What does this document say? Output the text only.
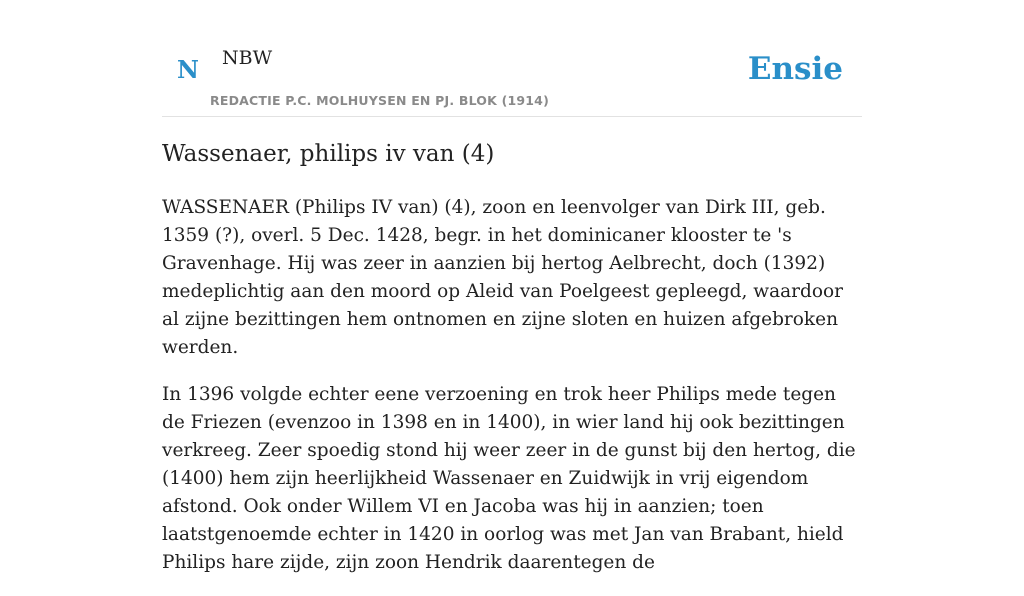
N NBW
REDACTIE P.C. MOLHUYSEN EN PJ. BLOK (1914)
Ensie
Wassenaer, philips iv van (4)

WASSENAER (Philips IV van) (4), zoon en leenvolger van Dirk III, geb. 1359 (?), overl. 5 Dec. 1428, begr. in het dominicaner klooster te 's Gravenhage. Hij was zeer in aanzien bij hertog Aelbrecht, doch (1392) medeplichtig aan den moord op Aleid van Poelgeest gepleegd, waardoor al zijne bezittingen hem ontnomen en zijne sloten en huizen afgebroken werden.

In 1396 volgde echter eene verzoening en trok heer Philips mede tegen de Friezen (evenzoo in 1398 en in 1400), in wier land hij ook bezittingen verkreeg. Zeer spoedig stond hij weer zeer in de gunst bij den hertog, die (1400) hem zijn heerlijkheid Wassenaer en Zuidwijk in vrij eigendom afstond. Ook onder Willem VI en Jacoba was hij in aanzien; toen laatstgenoemde echter in 1420 in oorlog was met Jan van Brabant, hield Philips hare zijde, zijn zoon Hendrik daarentegen de
